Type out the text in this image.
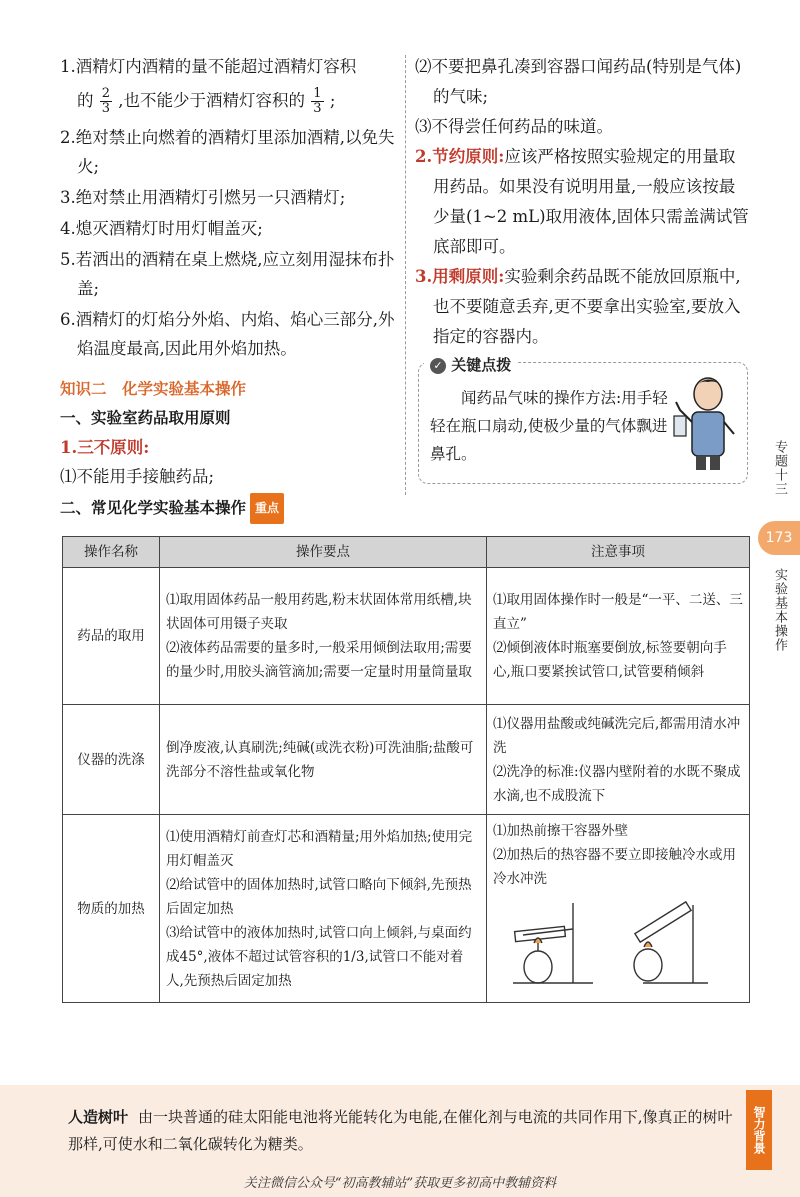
1.酒精灯内酒精的量不能超过酒精灯容积
的 $\frac{2}{3}$ ,也不能少于酒精灯容积的 $\frac{1}{3}$ ;
2.绝对禁止向燃着的酒精灯里添加酒精,以免失火;
3.绝对禁止用酒精灯引燃另一只酒精灯;
4.熄灭酒精灯时用灯帽盖灭;
5.若洒出的酒精在桌上燃烧,应立刻用湿抹布扑盖;
6.酒精灯的灯焰分外焰、内焰、焰心三部分,外焰温度最高,因此用外焰加热。
知识二　化学实验基本操作
一、实验室药品取用原则
1.三不原则:
⑴不能用手接触药品;
二、常见化学实验基本操作 重点
⑵不要把鼻孔凑到容器口闻药品(特别是气体)的气味;
⑶不得尝任何药品的味道。
2.节约原则:应该严格按照实验规定的用量取用药品。如果没有说明用量,一般应该按最少量(1~2 mL)取用液体,固体只需盖满试管底部即可。
3.用剩原则:实验剩余药品既不能放回原瓶中,也不要随意丢弃,更不要拿出实验室,要放入指定的容器内。
✓ 关键点拨
闻药品气味的操作方法:用手轻轻在瓶口扇动,使极少量的气体飘进鼻孔。
操作名称	操作要点	注意事项
药品的取用	⑴取用固体药品一般用药匙,粉末状固体常用纸槽,块状固体可用镊子夹取
⑵液体药品需要的量多时,一般采用倾倒法取用;需要的量少时,用胶头滴管滴加;需要一定量时用量筒量取	⑴取用固体操作时一般是“一平、二送、三直立”
⑵倾倒液体时瓶塞要倒放,标签要朝向手心,瓶口要紧挨试管口,试管要稍倾斜
仪器的洗涤	倒净废液,认真刷洗;纯碱(或洗衣粉)可洗油脂;盐酸可洗部分不溶性盐或氧化物	⑴仪器用盐酸或纯碱洗完后,都需用清水冲洗
⑵洗净的标准:仪器内壁附着的水既不聚成水滴,也不成股流下
物质的加热	⑴使用酒精灯前查灯芯和酒精量;用外焰加热;使用完用灯帽盖灭
⑵给试管中的固体加热时,试管口略向下倾斜,先预热后固定加热
⑶给试管中的液体加热时,试管口向上倾斜,与桌面约成45°,液体不超过试管容积的1/3,试管口不能对着人,先预热后固定加热	⑴加热前擦干容器外壁
⑵加热后的热容器不要立即接触冷水或用冷水冲洗
专题十三
173
实验基本操作
人造树叶 由一块普通的硅太阳能电池将光能转化为电能,在催化剂与电流的共同作用下,像真正的树叶那样,可使水和二氧化碳转化为糖类。	智力背景
关注微信公众号“初高教辅站”获取更多初高中教辅资料
